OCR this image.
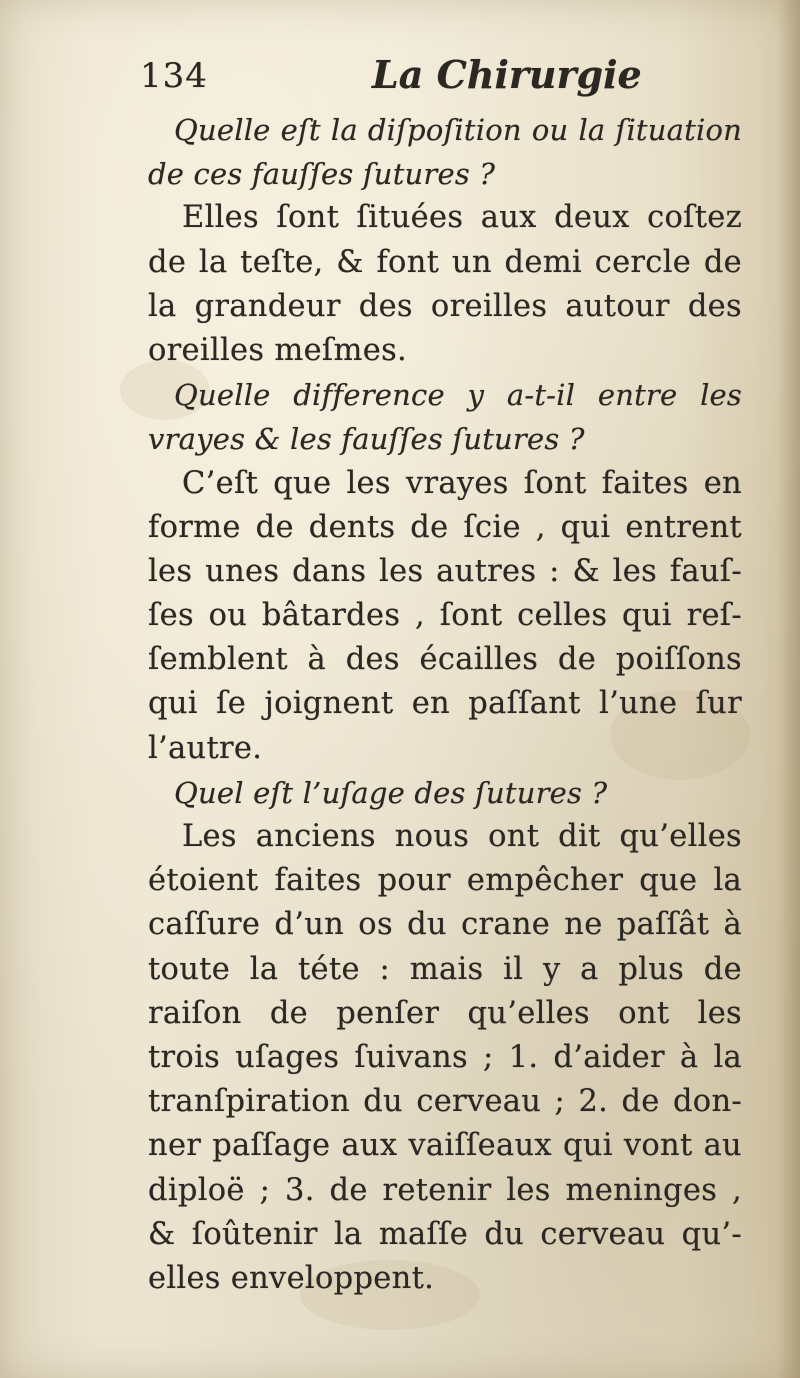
134	La Chirurgie
Quelle eſt la diſpoſition ou la ſituation
de ces fauſſes ſutures ?
Elles ſont ſituées aux deux coſtez
de la teſte, & font un demi cercle de
la grandeur des oreilles autour des
oreilles meſmes.
Quelle difference y a-t-il entre les
vrayes & les fauſſes ſutures ?
C’eſt que les vrayes ſont faites en
forme de dents de ſcie , qui entrent
les unes dans les autres : & les fauſ-
ſes ou bâtardes , ſont celles qui reſ-
ſemblent à des écailles de poiſſons
qui ſe joignent en paſſant l’une ſur
l’autre.
Quel eſt l’uſage des ſutures ?
Les anciens nous ont dit qu’elles
étoient faites pour empêcher que la
caſſure d’un os du crane ne paſſât à
toute la téte : mais il y a plus de
raiſon de penſer qu’elles ont les
trois uſages ſuivans ; 1. d’aider à la
tranſpiration du cerveau ; 2. de don-
ner paſſage aux vaiſſeaux qui vont au
diploë ; 3. de retenir les meninges ,
& ſoûtenir la maſſe du cerveau qu’-
elles enveloppent.
